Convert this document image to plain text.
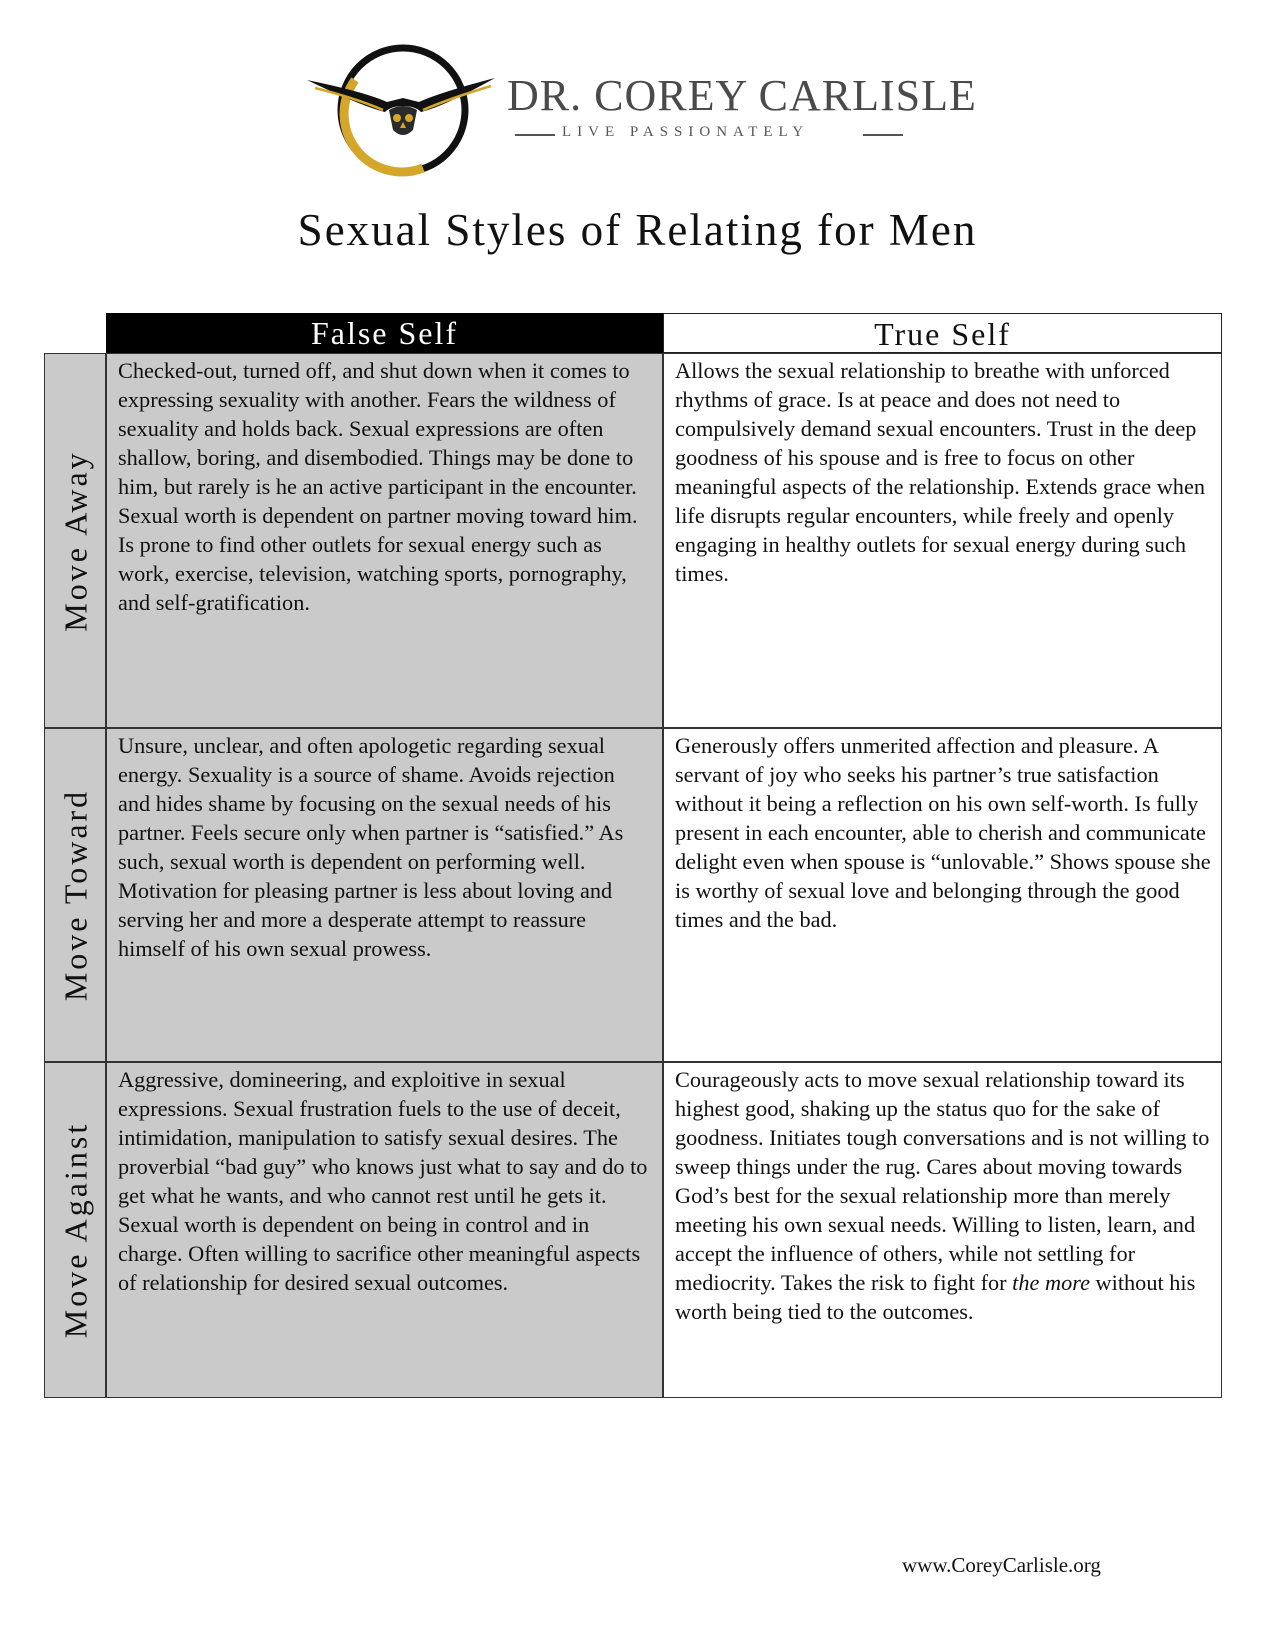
DR. COREY CARLISLE
LIVE PASSIONATELY
Sexual Styles of Relating for Men
False Self	True Self
Move Away

Checked-out, turned off, and shut down when it comes to expressing sexuality with another. Fears the wildness of sexuality and holds back. Sexual expressions are often shallow, boring, and disembodied. Things may be done to him, but rarely is he an active participant in the encounter. Sexual worth is dependent on partner moving toward him. Is prone to find other outlets for sexual energy such as work, exercise, television, watching sports, pornography, and self-gratification.

Allows the sexual relationship to breathe with unforced rhythms of grace. Is at peace and does not need to compulsively demand sexual encounters. Trust in the deep goodness of his spouse and is free to focus on other meaningful aspects of the relationship. Extends grace when life disrupts regular encounters, while freely and openly engaging in healthy outlets for sexual energy during such times.

Move Toward

Unsure, unclear, and often apologetic regarding sexual energy. Sexuality is a source of shame. Avoids rejection and hides shame by focusing on the sexual needs of his partner. Feels secure only when partner is “satisfied.” As such, sexual worth is dependent on performing well. Motivation for pleasing partner is less about loving and serving her and more a desperate attempt to reassure himself of his own sexual prowess.

Generously offers unmerited affection and pleasure. A servant of joy who seeks his partner’s true satisfaction without it being a reflection on his own self-worth. Is fully present in each encounter, able to cherish and communicate delight even when spouse is “unlovable.” Shows spouse she is worthy of sexual love and belonging through the good times and the bad.

Move Against

Aggressive, domineering, and exploitive in sexual expressions. Sexual frustration fuels to the use of deceit, intimidation, manipulation to satisfy sexual desires. The proverbial “bad guy” who knows just what to say and do to get what he wants, and who cannot rest until he gets it. Sexual worth is dependent on being in control and in charge. Often willing to sacrifice other meaningful aspects of relationship for desired sexual outcomes.

Courageously acts to move sexual relationship toward its highest good, shaking up the status quo for the sake of goodness. Initiates tough conversations and is not willing to sweep things under the rug. Cares about moving towards God’s best for the sexual relationship more than merely meeting his own sexual needs. Willing to listen, learn, and accept the influence of others, while not settling for mediocrity. Takes the risk to fight for the more without his worth being tied to the outcomes.

www.CoreyCarlisle.org
